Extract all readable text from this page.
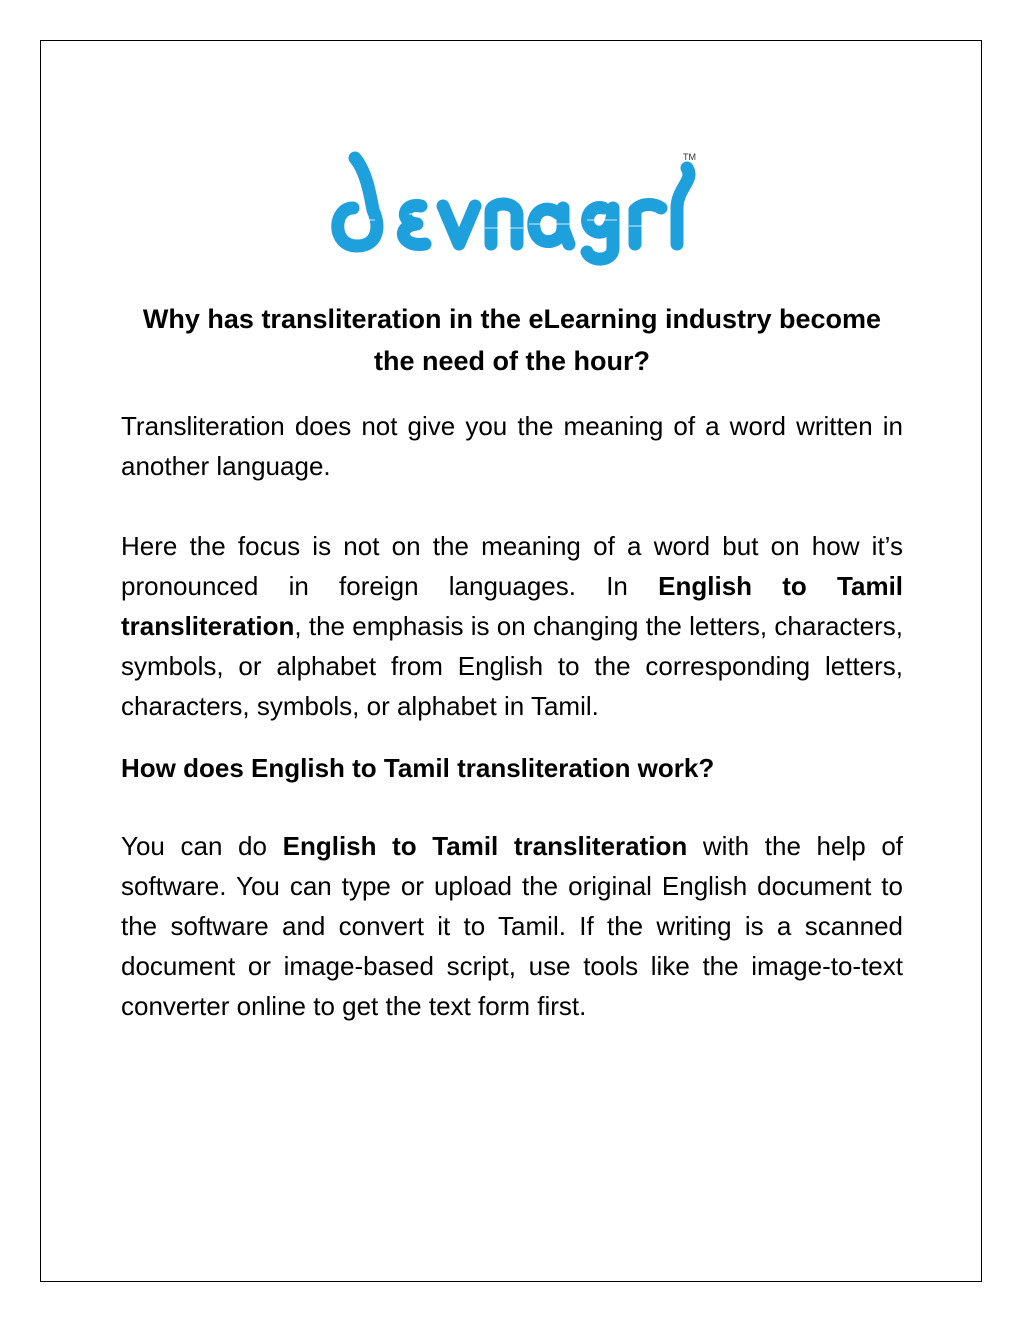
TM
Why has transliteration in the eLearning industry become the need of the hour?

Transliteration does not give you the meaning of a word written in another language.

Here the focus is not on the meaning of a word but on how it’s pronounced in foreign languages. In English to Tamil transliteration, the emphasis is on changing the letters, characters, symbols, or alphabet from English to the corresponding letters, characters, symbols, or alphabet in Tamil.

How does English to Tamil transliteration work?

You can do English to Tamil transliteration with the help of software. You can type or upload the original English document to the software and convert it to Tamil. If the writing is a scanned document or image-based script, use tools like the image-to-text converter online to get the text form first.
